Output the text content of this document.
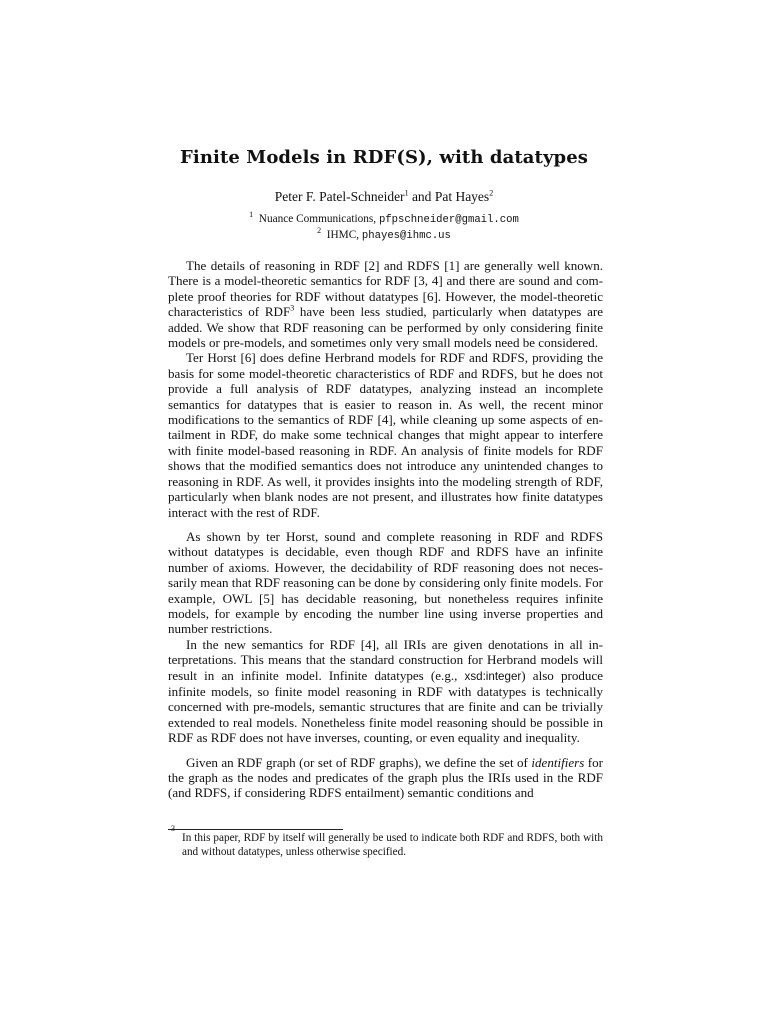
Finite Models in RDF(S), with datatypes
Peter F. Patel-Schneider$^1$ and Pat Hayes$^2$
$^1$ Nuance Communications, pfpschneider@gmail.com
$^2$ IHMC, phayes@ihmc.us

The details of reasoning in RDF [2] and RDFS [1] are generally well known. There is a model-theoretic semantics for RDF [3, 4] and there are sound and complete proof theories for RDF without datatypes [6]. However, the model-theoretic characteristics of RDF$^3$ have been less studied, particularly when datatypes are added. We show that RDF reasoning can be performed by only considering finite models or pre-models, and sometimes only very small models need be considered.

Ter Horst [6] does define Herbrand models for RDF and RDFS, providing the basis for some model-theoretic characteristics of RDF and RDFS, but he does not provide a full analysis of RDF datatypes, analyzing instead an incomplete semantics for datatypes that is easier to reason in. As well, the recent minor modifications to the semantics of RDF [4], while cleaning up some aspects of entailment in RDF, do make some technical changes that might appear to interfere with finite model-based reasoning in RDF. An analysis of finite models for RDF shows that the modified semantics does not introduce any unintended changes to reasoning in RDF. As well, it provides insights into the modeling strength of RDF, particularly when blank nodes are not present, and illustrates how finite datatypes interact with the rest of RDF.

As shown by ter Horst, sound and complete reasoning in RDF and RDFS without datatypes is decidable, even though RDF and RDFS have an infinite number of axioms. However, the decidability of RDF reasoning does not necessarily mean that RDF reasoning can be done by considering only finite models. For example, OWL [5] has decidable reasoning, but nonetheless requires infinite models, for example by encoding the number line using inverse properties and number restrictions.

In the new semantics for RDF [4], all IRIs are given denotations in all interpretations. This means that the standard construction for Herbrand models will result in an infinite model. Infinite datatypes (e.g., xsd:integer) also produce infinite models, so finite model reasoning in RDF with datatypes is technically concerned with pre-models, semantic structures that are finite and can be trivially extended to real models. Nonetheless finite model reasoning should be possible in RDF as RDF does not have inverses, counting, or even equality and inequality.

Given an RDF graph (or set of RDF graphs), we define the set of identifiers for the graph as the nodes and predicates of the graph plus the IRIs used in the RDF (and RDFS, if considering RDFS entailment) semantic conditions and

3
In this paper, RDF by itself will generally be used to indicate both RDF and RDFS, both with and without datatypes, unless otherwise specified.
